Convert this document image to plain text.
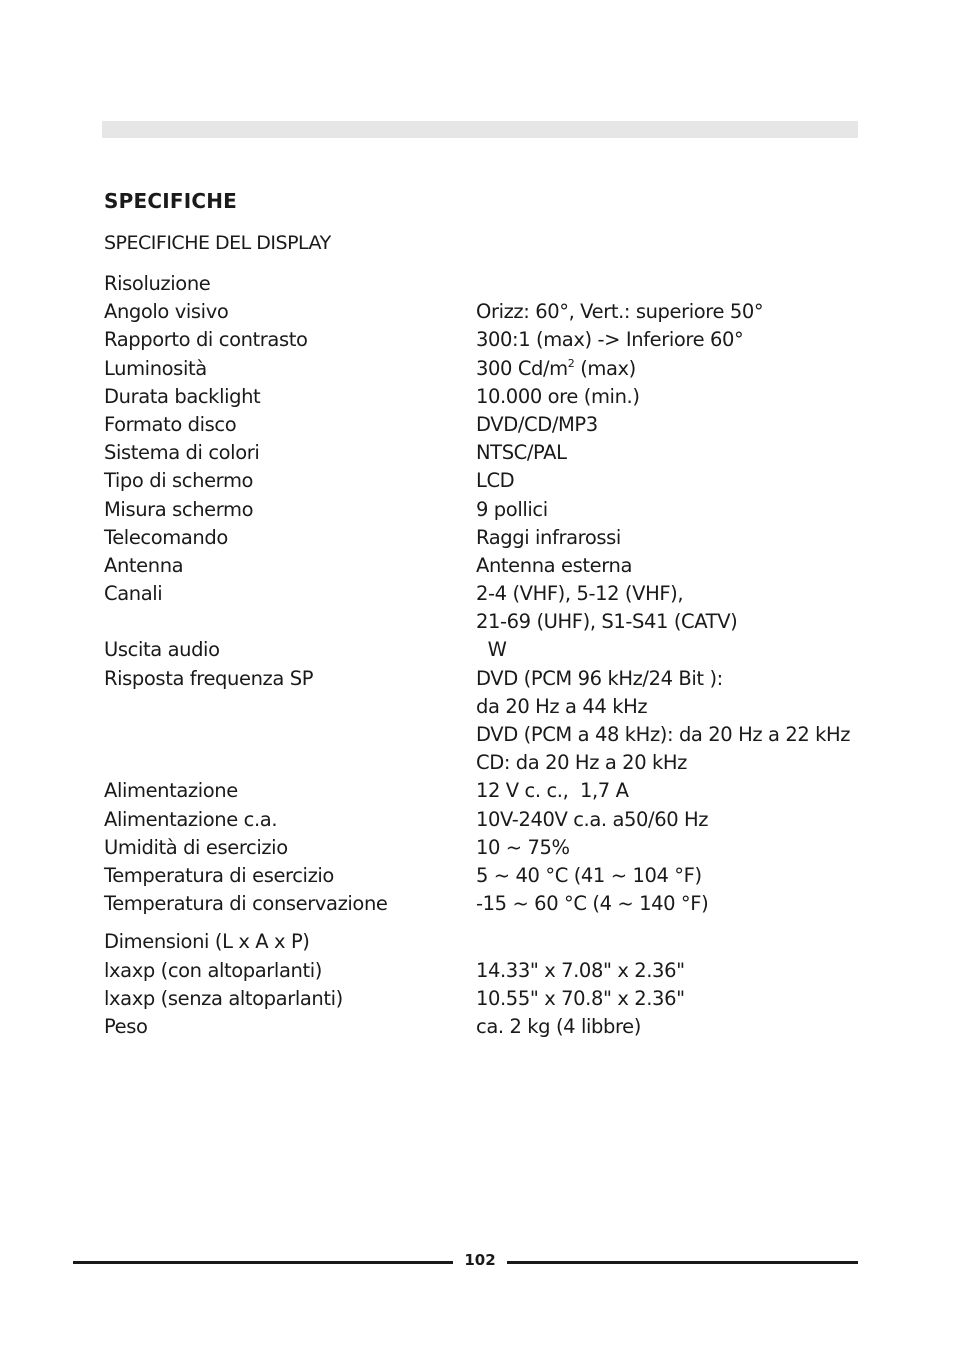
SPECIFICHE
SPECIFICHE DEL DISPLAY
Risoluzione
Angolo visivo	Orizz: 60°, Vert.: superiore 50°
Rapporto di contrasto	300:1 (max) -> Inferiore 60°
Luminosità	300 $Cd/m^2$ (max)
Durata backlight	10.000 ore (min.)
Formato disco	DVD/CD/MP3
Sistema di colori	NTSC/PAL
Tipo di schermo	LCD
Misura schermo	9 pollici
Telecomando	Raggi infrarossi
Antenna	Antenna esterna
Canali	2-4 (VHF), 5-12 (VHF),
21-69 (UHF), S1-S41 (CATV)
Uscita audio	W
Risposta frequenza SP	DVD (PCM 96 kHz/24 Bit ):
da 20 Hz a 44 kHz
DVD (PCM a 48 kHz): da 20 Hz a 22 kHz
CD: da 20 Hz a 20 kHz
Alimentazione	12 V c. c.,  1,7 A
Alimentazione c.a.	10V-240V c.a. a50/60 Hz
Umidità di esercizio	10 ~ 75%
Temperatura di esercizio	5 ~ 40 °C (41 ~ 104 °F)
Temperatura di conservazione	-15 ~ 60 °C (4 ~ 140 °F)
Dimensioni (L x A x P)
lxaxp (con altoparlanti)	14.33" x 7.08" x 2.36"
lxaxp (senza altoparlanti)	10.55" x 70.8" x 2.36"
Peso	ca. 2 kg (4 libbre)
102
